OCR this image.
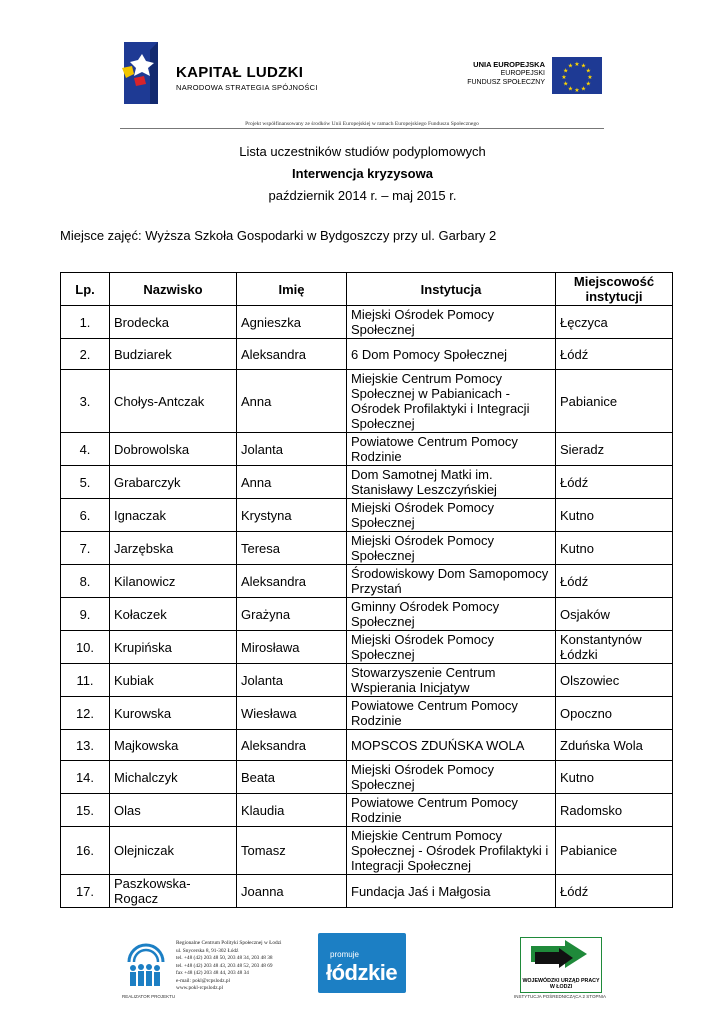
KAPITAŁ LUDZKI
NARODOWA STRATEGIA SPÓJNOŚCI
UNIA EUROPEJSKA
EUROPEJSKI
FUNDUSZ SPOŁECZNY
★ ★
★
★
★
★
★
★
★
★
★
★
Projekt współfinansowany ze środków Unii Europejskiej w ramach Europejskiego Funduszu Społecznego
Lista uczestników studiów podyplomowych
Interwencja kryzysowa
październik 2014 r. – maj 2015 r.
Miejsce zajęć: Wyższa Szkoła Gospodarki w Bydgoszczy przy ul. Garbary 2
Lp.	Nazwisko	Imię	Instytucja	Miejscowość instytucji
1.	Brodecka	Agnieszka	Miejski Ośrodek Pomocy Społecznej	Łęczyca
2.	Budziarek	Aleksandra	6 Dom Pomocy Społecznej	Łódź
3.	Chołys-Antczak	Anna	Miejskie Centrum Pomocy Społecznej w Pabianicach - Ośrodek Profilaktyki i Integracji Społecznej	Pabianice
4.	Dobrowolska	Jolanta	Powiatowe Centrum Pomocy Rodzinie	Sieradz
5.	Grabarczyk	Anna	Dom Samotnej Matki im. Stanisławy Leszczyńskiej	Łódź
6.	Ignaczak	Krystyna	Miejski Ośrodek Pomocy Społecznej	Kutno
7.	Jarzębska	Teresa	Miejski Ośrodek Pomocy Społecznej	Kutno
8.	Kilanowicz	Aleksandra	Środowiskowy Dom Samopomocy Przystań	Łódź
9.	Kołaczek	Grażyna	Gminny Ośrodek Pomocy Społecznej	Osjaków
10.	Krupińska	Mirosława	Miejski Ośrodek Pomocy Społecznej	Konstantynów Łódzki
11.	Kubiak	Jolanta	Stowarzyszenie Centrum Wspierania Inicjatyw	Olszowiec
12.	Kurowska	Wiesława	Powiatowe Centrum Pomocy Rodzinie	Opoczno
13.	Majkowska	Aleksandra	MOPSCOS ZDUŃSKA WOLA	Zduńska Wola
14.	Michalczyk	Beata	Miejski Ośrodek Pomocy Społecznej	Kutno
15.	Olas	Klaudia	Powiatowe Centrum Pomocy Rodzinie	Radomsko
16.	Olejniczak	Tomasz	Miejskie Centrum Pomocy Społecznej - Ośrodek Profilaktyki i Integracji Społecznej	Pabianice
17.	Paszkowska-Rogacz	Joanna	Fundacja Jaś i Małgosia	Łódź
REALIZATOR PROJEKTU
Regionalne Centrum Polityki Społecznej w Łodzi
ul. Snycerska 8, 91-302 Łódź
tel. +48 (42) 203 48 50, 203 48 34, 203 48 38
tel. +48 (42) 203 48 43, 203 48 52, 203 48 69
fax +48 (42) 203 48 44, 203 48 34
e-mail: pokl@rcpslodz.pl
www.pokl-rcpslodz.pl
promuje
łódzkie	WOJEWÓDZKI URZĄD PRACY W ŁODZI
INSTYTUCJA POŚREDNICZĄCA 2 STOPNIA
